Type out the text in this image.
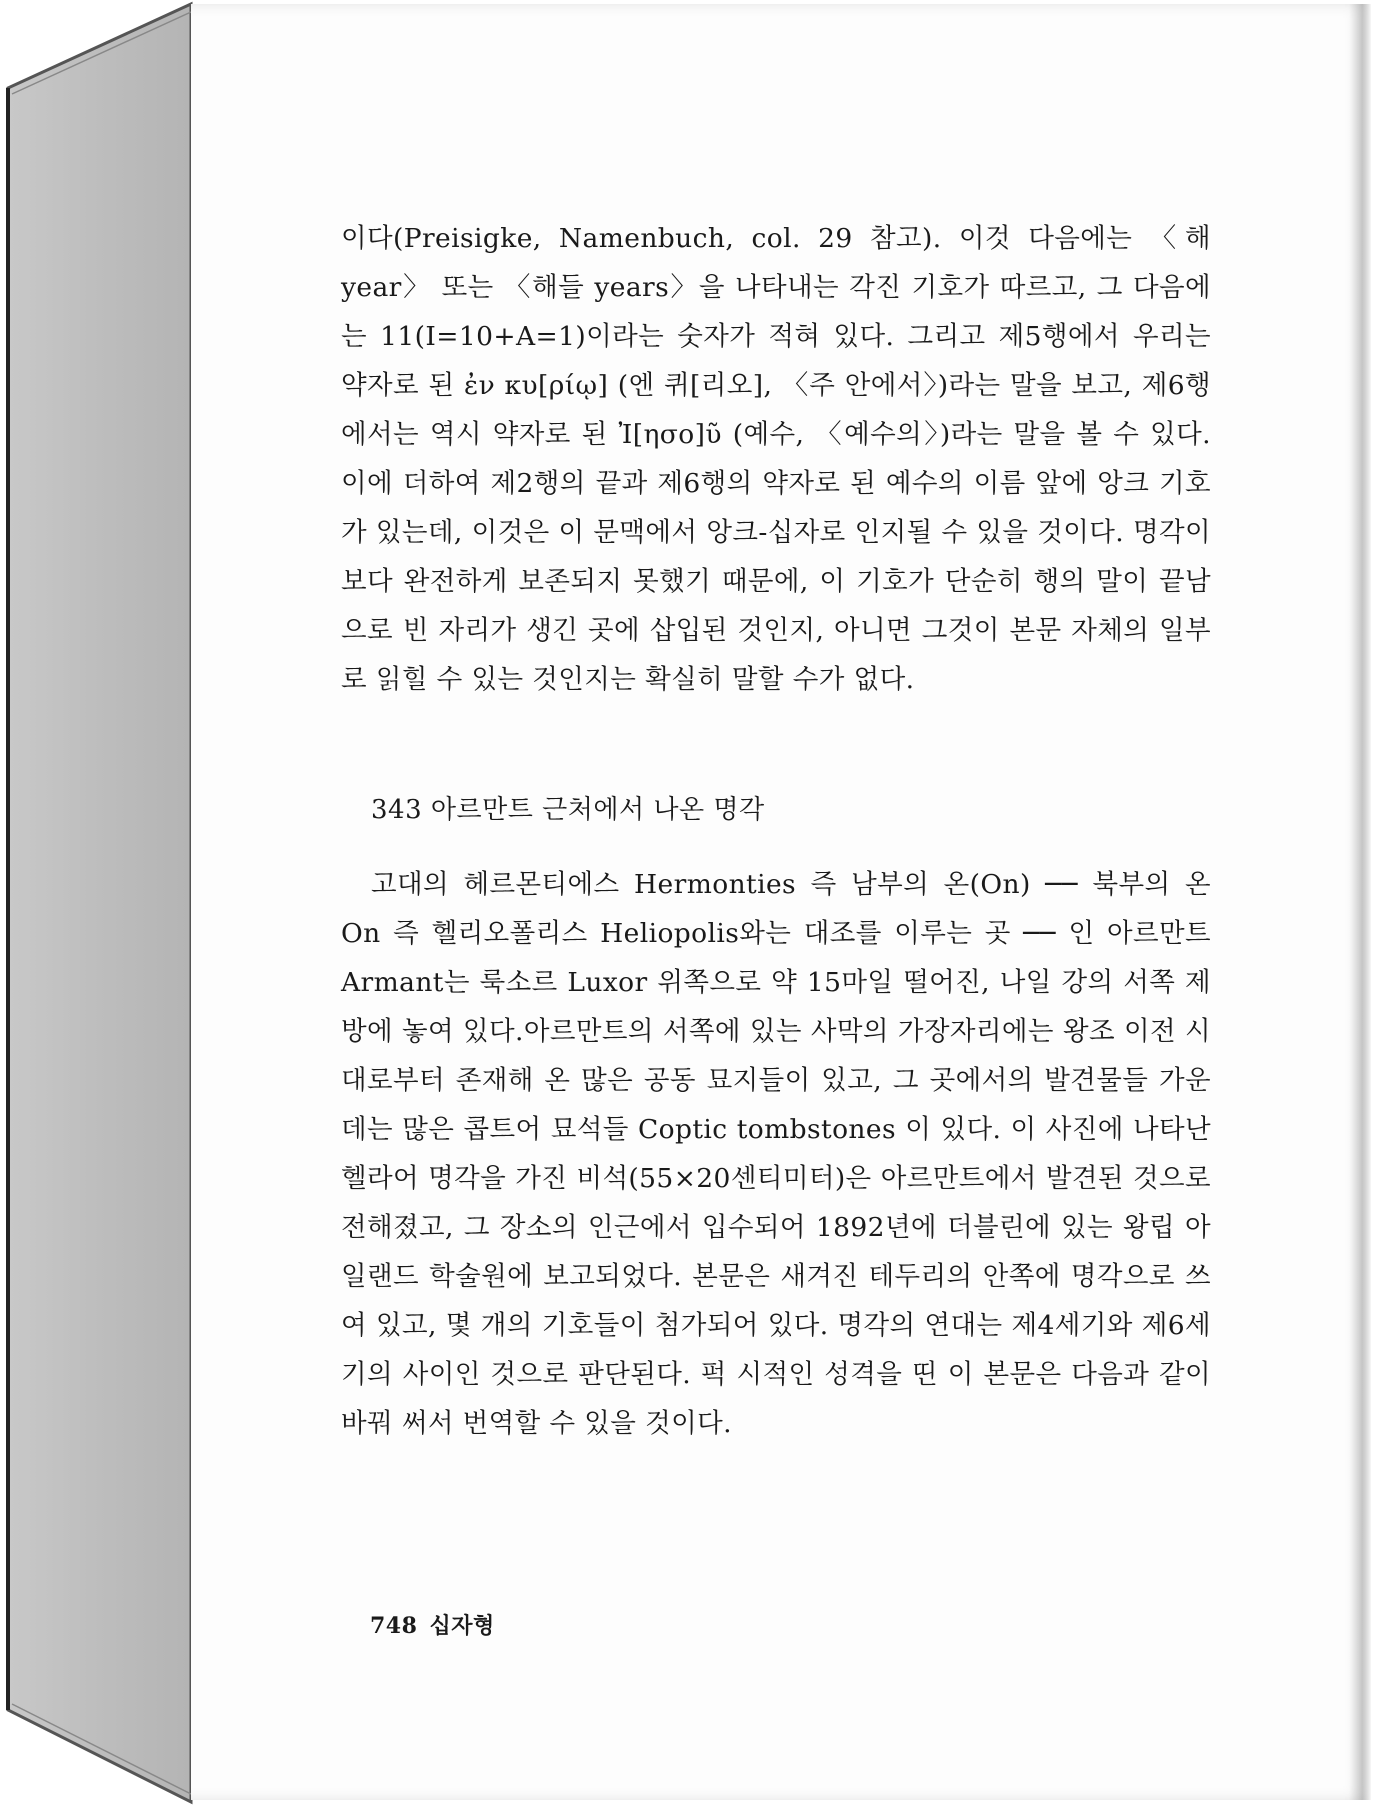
이다(Preisigke, Namenbuch, col. 29 참고). 이것 다음에는 〈해 year〉 또는 〈해들 years〉을 나타내는 각진 기호가 따르고, 그 다음에는 11(I=10+A=1)이라는 숫자가 적혀 있다. 그리고 제5행에서 우리는 약자로 된 ἐν κυ[ρίῳ] (엔 퀴[리오], 〈주 안에서〉)라는 말을 보고, 제6행에서는 역시 약자로 된 Ἰ[ησο]ῦ (예수, 〈예수의〉)라는 말을 볼 수 있다. 이에 더하여 제2행의 끝과 제6행의 약자로 된 예수의 이름 앞에 앙크 기호가 있는데, 이것은 이 문맥에서 앙크-십자로 인지될 수 있을 것이다. 명각이 보다 완전하게 보존되지 못했기 때문에, 이 기호가 단순히 행의 말이 끝남으로 빈 자리가 생긴 곳에 삽입된 것인지, 아니면 그것이 본문 자체의 일부로 읽힐 수 있는 것인지는 확실히 말할 수가 없다.

343 아르만트 근처에서 나온 명각

고대의 헤르몬티에스 Hermonties 즉 남부의 온(On) ── 북부의 온 On 즉 헬리오폴리스 Heliopolis와는 대조를 이루는 곳 ── 인 아르만트 Armant는 룩소르 Luxor 위쪽으로 약 15마일 떨어진, 나일 강의 서쪽 제방에 놓여 있다.아르만트의 서쪽에 있는 사막의 가장자리에는 왕조 이전 시대로부터 존재해 온 많은 공동 묘지들이 있고, 그 곳에서의 발견물들 가운데는 많은 콥트어 묘석들 Coptic tombstones 이 있다. 이 사진에 나타난 헬라어 명각을 가진 비석(55×20센티미터)은 아르만트에서 발견된 것으로 전해졌고, 그 장소의 인근에서 입수되어 1892년에 더블린에 있는 왕립 아일랜드 학술원에 보고되었다. 본문은 새겨진 테두리의 안쪽에 명각으로 쓰여 있고, 몇 개의 기호들이 첨가되어 있다. 명각의 연대는 제4세기와 제6세기의 사이인 것으로 판단된다. 퍽 시적인 성격을 띤 이 본문은 다음과 같이 바꿔 써서 번역할 수 있을 것이다.

748 십자형
